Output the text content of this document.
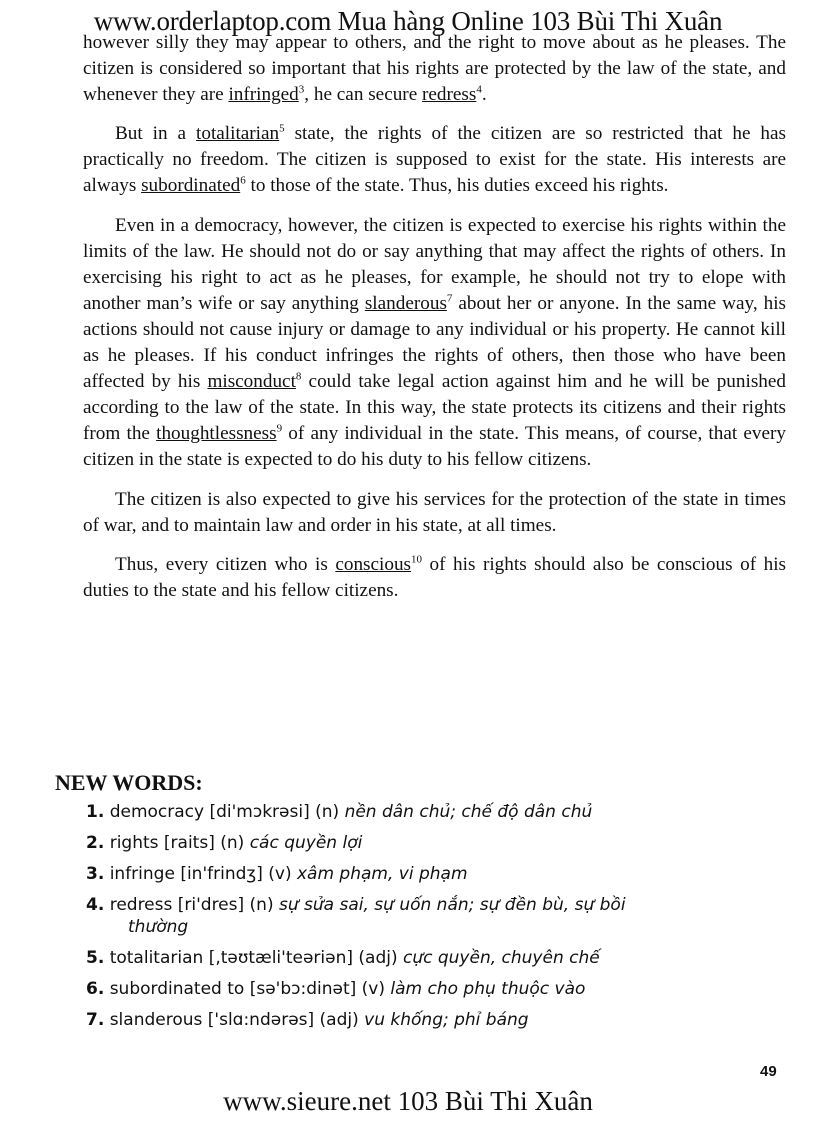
www.orderlaptop.com Mua hàng Online 103 Bùi Thi Xuân

however silly they may appear to others, and the right to move about as he pleases. The citizen is considered so important that his rights are protected by the law of the state, and whenever they are infringed$^3$, he can secure redress$^4$.

But in a totalitarian$^5$ state, the rights of the citizen are so restricted that he has practically no freedom. The citizen is supposed to exist for the state. His interests are always subordinated$^6$ to those of the state. Thus, his duties exceed his rights.

Even in a democracy, however, the citizen is expected to exercise his rights within the limits of the law. He should not do or say anything that may affect the rights of others. In exercising his right to act as he pleases, for example, he should not try to elope with another man’s wife or say anything slanderous$^7$ about her or anyone. In the same way, his actions should not cause injury or damage to any individual or his property. He cannot kill as he pleases. If his conduct infringes the rights of others, then those who have been affected by his misconduct$^8$ could take legal action against him and he will be punished according to the law of the state. In this way, the state protects its citizens and their rights from the thoughtlessness$^9$ of any individual in the state. This means, of course, that every citizen in the state is expected to do his duty to his fellow citizens.

The citizen is also expected to give his services for the protection of the state in times of war, and to maintain law and order in his state, at all times.

Thus, every citizen who is conscious$^{10}$ of his rights should also be conscious of his duties to the state and his fellow citizens.

NEW WORDS:
1. democracy [di'mɔkrəsi] (n) nền dân chủ; chế độ dân chủ
2. rights [raits] (n) các quyền lợi
3. infringe [in'frindʒ] (v) xâm phạm, vi phạm
4. redress [ri'dres] (n) sự sửa sai, sự uốn nắn; sự đền bù, sự bồi
thường
5. totalitarian [,təʊtæli'teəriən] (adj) cực quyền, chuyên chế
6. subordinated to [sə'bɔ:dinət] (v) làm cho phụ thuộc vào
7. slanderous ['slɑ:ndərəs] (adj) vu khống; phỉ báng
49
www.sieure.net 103 Bùi Thi Xuân
